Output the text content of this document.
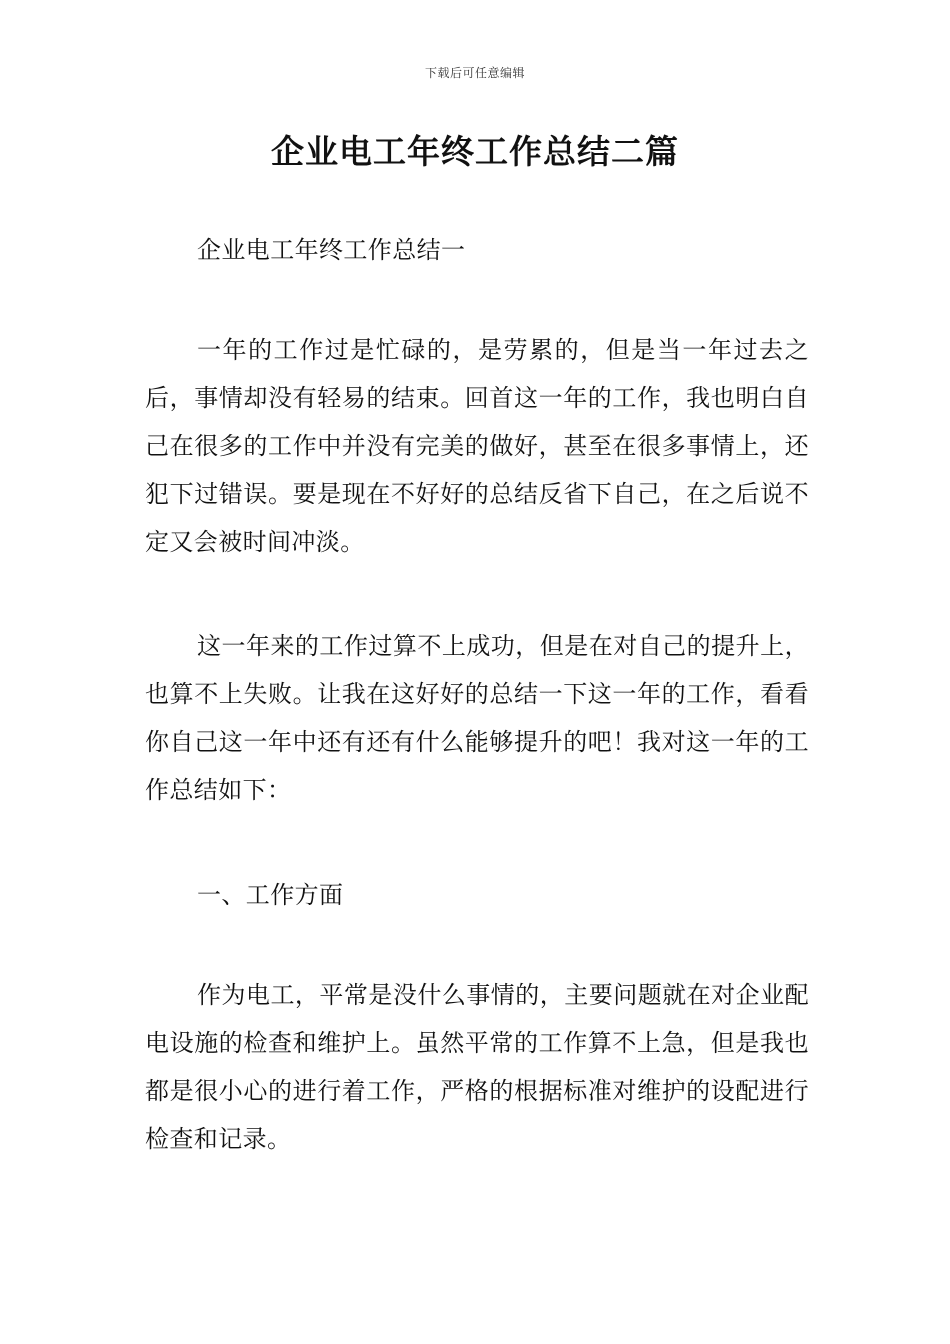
下载后可任意编辑
企业电工年终工作总结二篇

企业电工年终工作总结一

一年的工作过是忙碌的，是劳累的，但是当一年过去之后，事情却没有轻易的结束。回首这一年的工作，我也明白自己在很多的工作中并没有完美的做好，甚至在很多事情上，还犯下过错误。要是现在不好好的总结反省下自己，在之后说不定又会被时间冲淡。

这一年来的工作过算不上成功，但是在对自己的提升上，也算不上失败。让我在这好好的总结一下这一年的工作，看看你自己这一年中还有还有什么能够提升的吧！我对这一年的工作总结如下：

一、工作方面

作为电工，平常是没什么事情的，主要问题就在对企业配电设施的检查和维护上。虽然平常的工作算不上急，但是我也都是很小心的进行着工作，严格的根据标准对维护的设配进行检查和记录。
